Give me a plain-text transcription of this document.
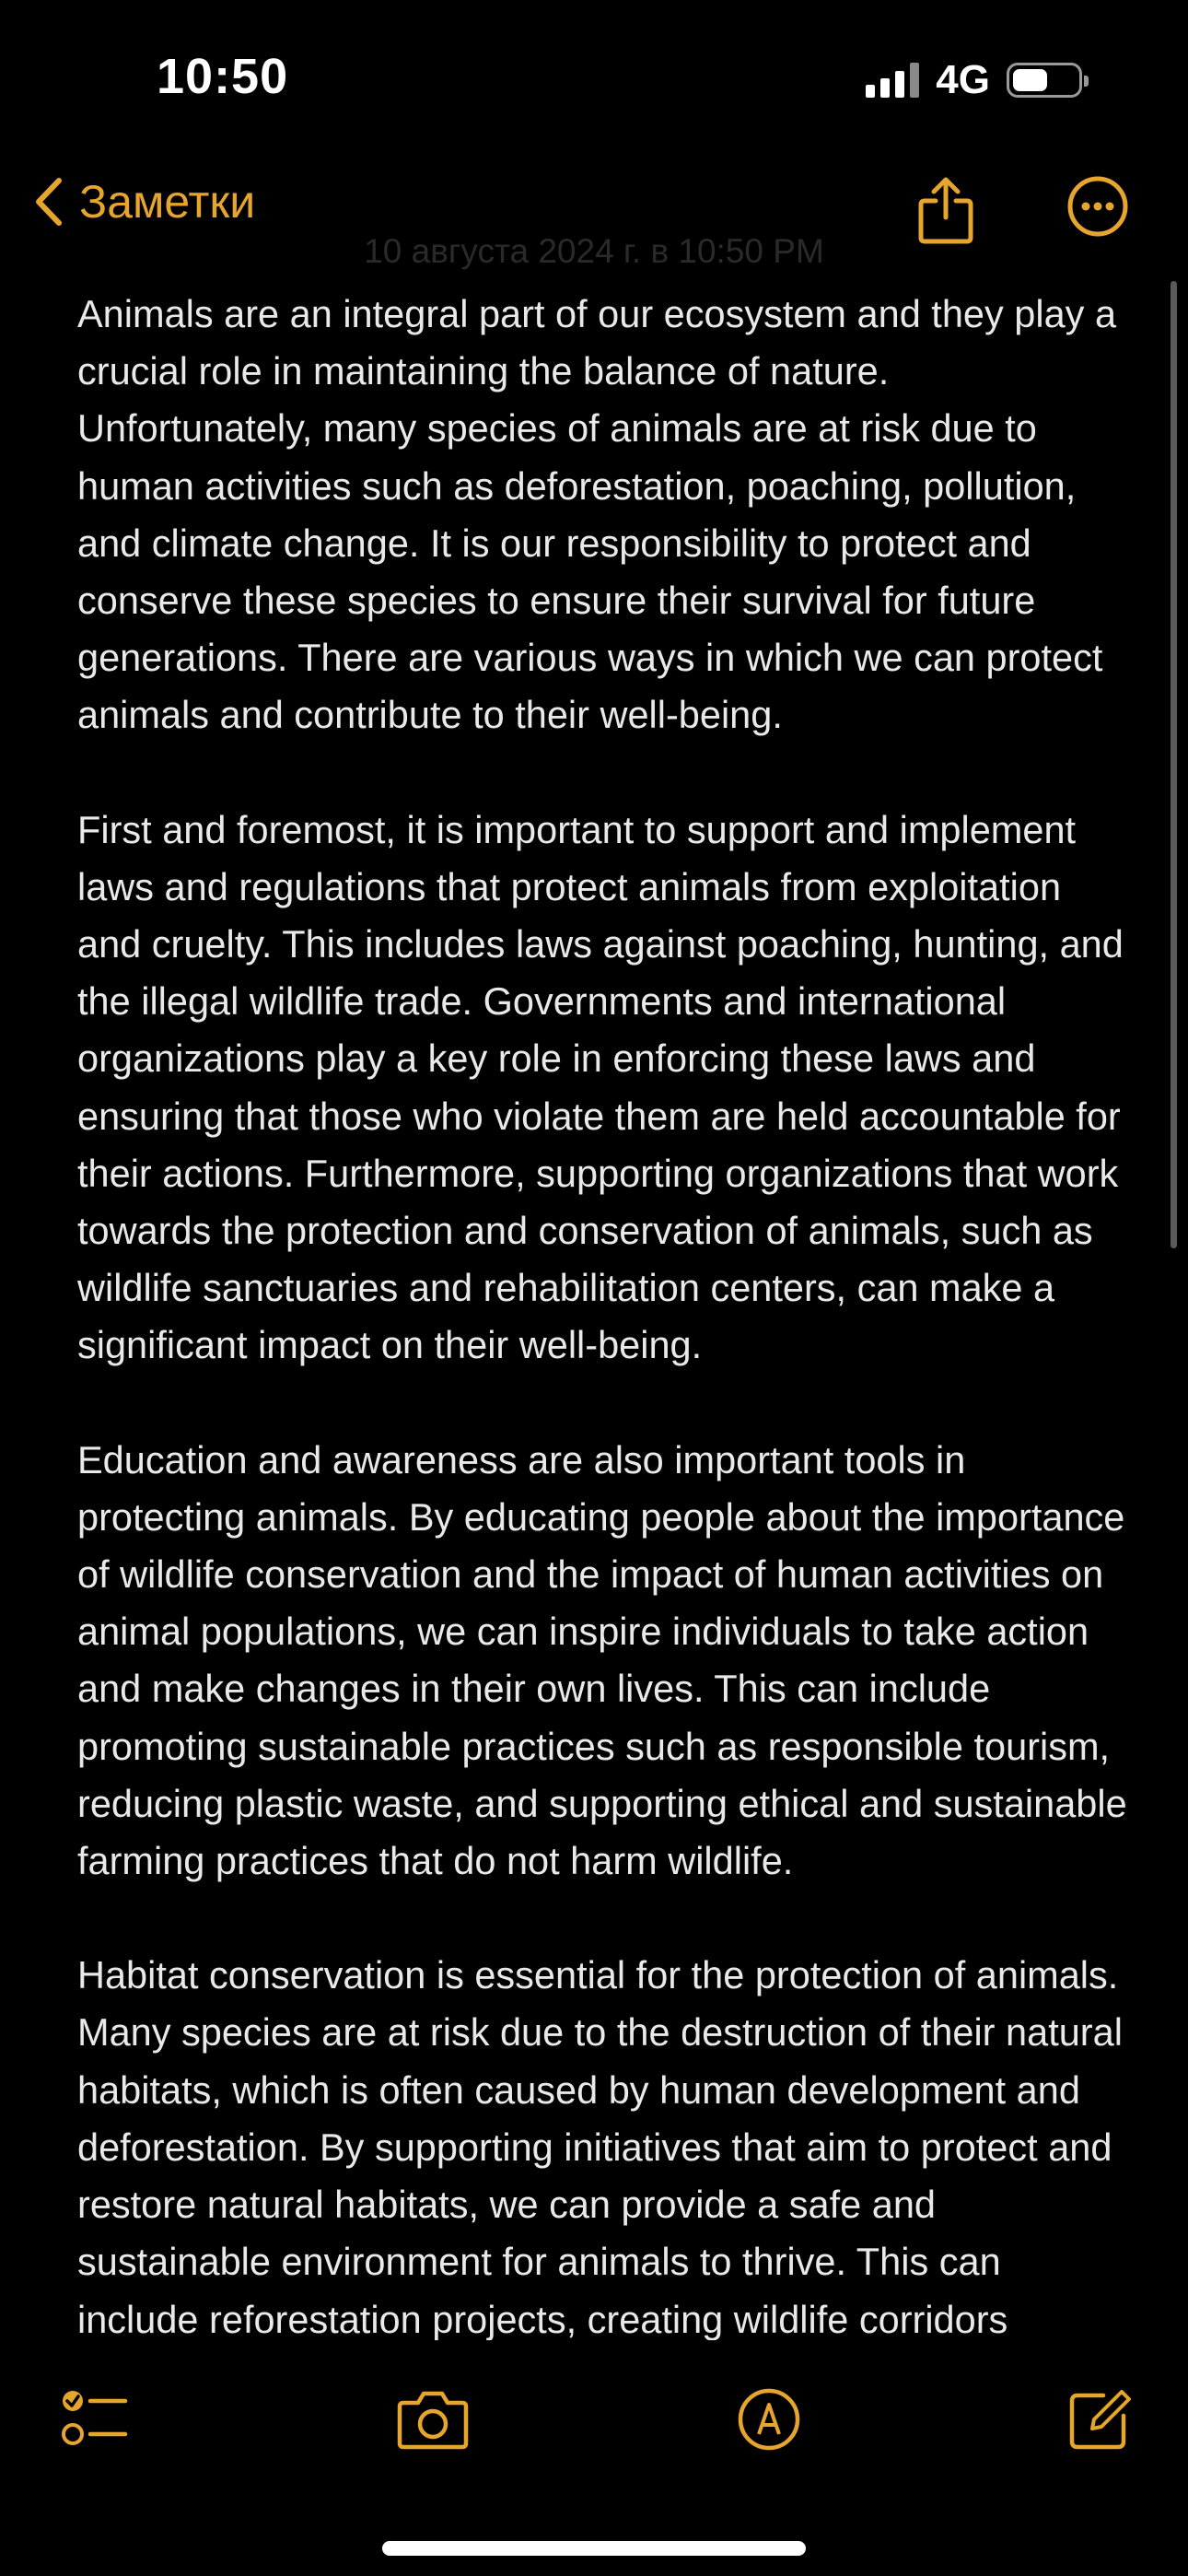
10:50	4G
Заметки
10 августа 2024 г. в 10:50 PM

Animals are an integral part of our ecosystem and they play a crucial role in maintaining the balance of nature. Unfortunately, many species of animals are at risk due to human activities such as deforestation, poaching, pollution, and climate change. It is our responsibility to protect and conserve these species to ensure their survival for future generations. There are various ways in which we can protect animals and contribute to their well-being.

First and foremost, it is important to support and implement laws and regulations that protect animals from exploitation and cruelty. This includes laws against poaching, hunting, and the illegal wildlife trade. Governments and international organizations play a key role in enforcing these laws and ensuring that those who violate them are held accountable for their actions. Furthermore, supporting organizations that work towards the protection and conservation of animals, such as wildlife sanctuaries and rehabilitation centers, can make a significant impact on their well-being.

Education and awareness are also important tools in protecting animals. By educating people about the importance of wildlife conservation and the impact of human activities on animal populations, we can inspire individuals to take action and make changes in their own lives. This can include promoting sustainable practices such as responsible tourism, reducing plastic waste, and supporting ethical and sustainable farming practices that do not harm wildlife.

Habitat conservation is essential for the protection of animals. Many species are at risk due to the destruction of their natural habitats, which is often caused by human development and deforestation. By supporting initiatives that aim to protect and restore natural habitats, we can provide a safe and sustainable environment for animals to thrive. This can include reforestation projects, creating wildlife corridors
